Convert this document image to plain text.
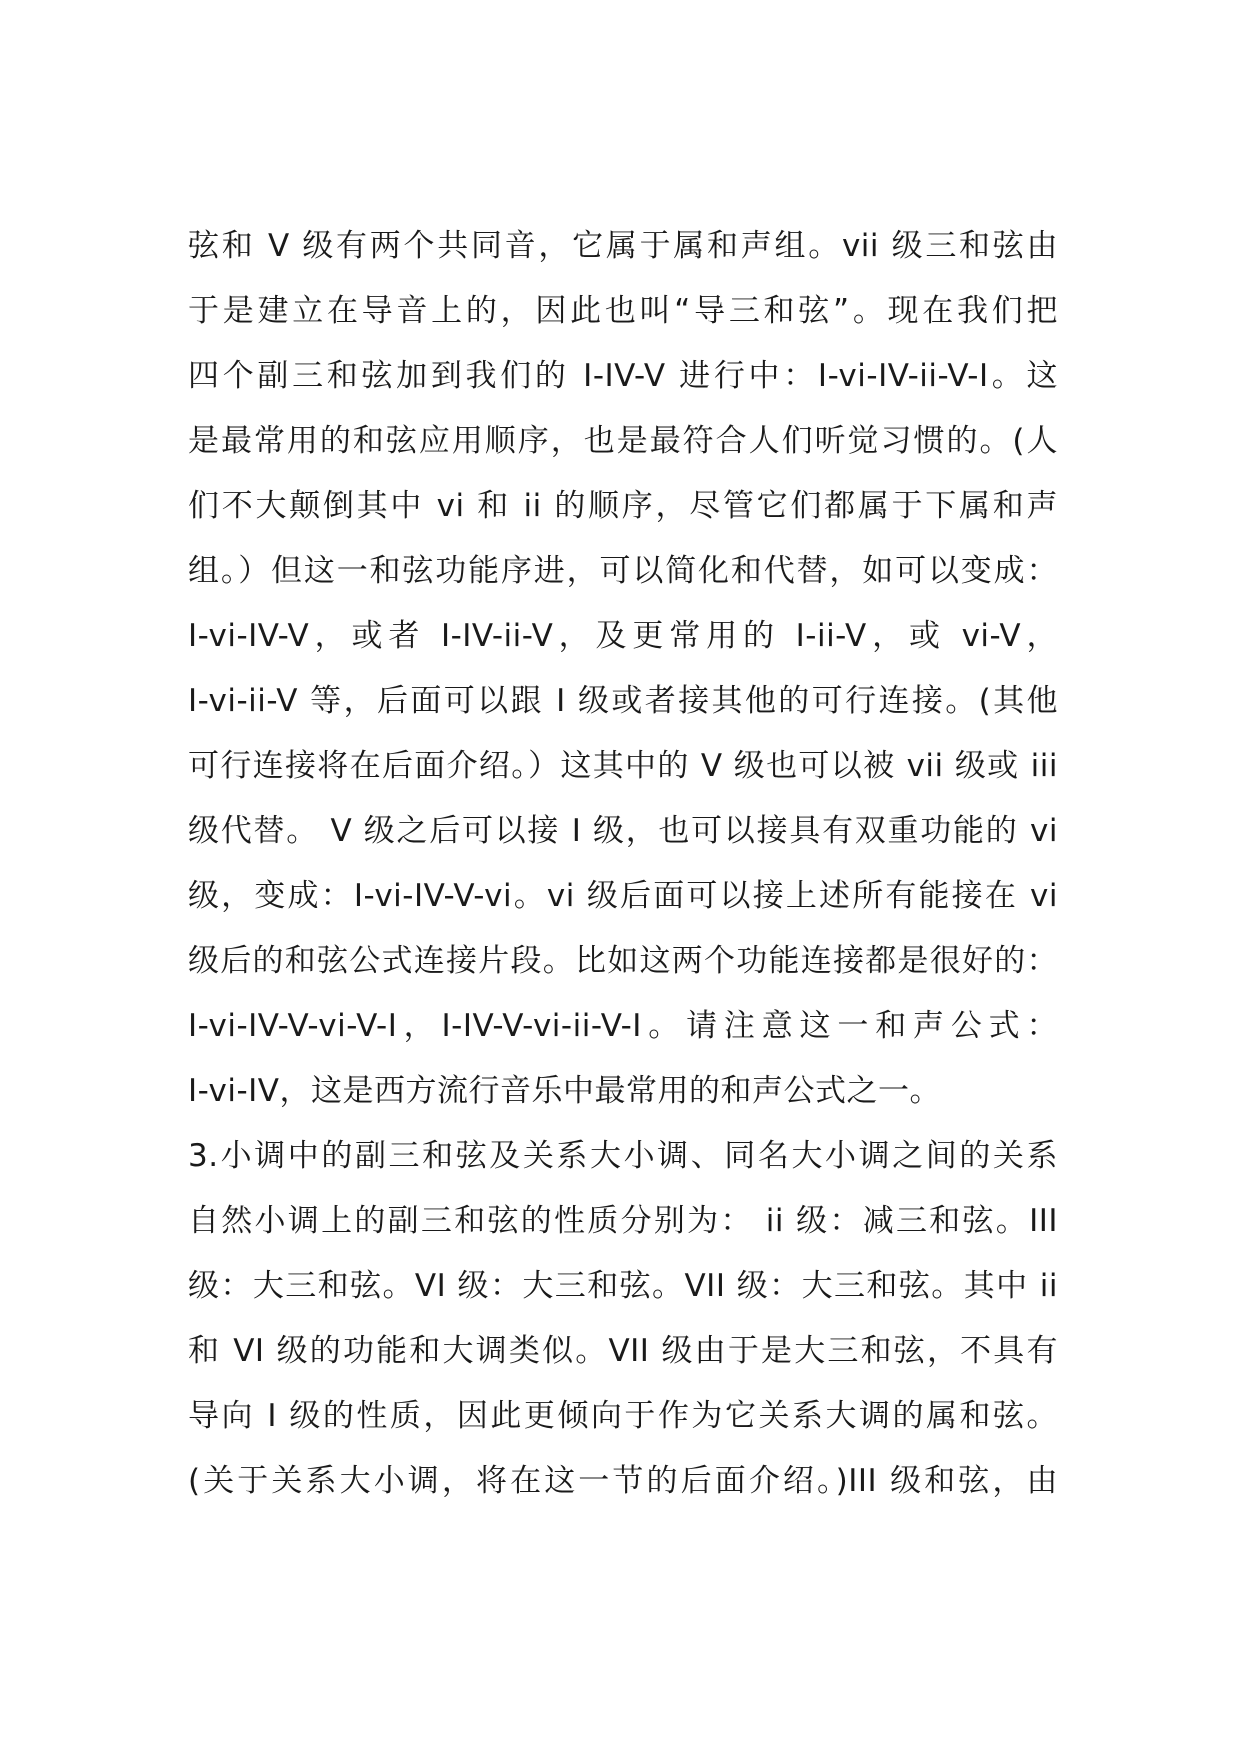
弦和 V 级有两个共同音，它属于属和声组。vii 级三和弦由
于是建立在导音上的，因此也叫“导三和弦”。现在我们把
四个副三和弦加到我们的 I-IV-V 进行中：I-vi-IV-ii-V-I。这
是最常用的和弦应用顺序，也是最符合人们听觉习惯的。(人
们不大颠倒其中 vi 和 ii 的顺序，尽管它们都属于下属和声
组。）但这一和弦功能序进，可以简化和代替，如可以变成：
I-vi-IV-V，或者 I-IV-ii-V，及更常用的 I-ii-V，或 vi-V，
I-vi-ii-V 等，后面可以跟 I 级或者接其他的可行连接。(其他
可行连接将在后面介绍。）这其中的 V 级也可以被 vii 级或 iii
级代替。 V 级之后可以接 I 级，也可以接具有双重功能的 vi
级，变成：I-vi-IV-V-vi。vi 级后面可以接上述所有能接在 vi
级后的和弦公式连接片段。比如这两个功能连接都是很好的：
I-vi-IV-V-vi-V-I，I-IV-V-vi-ii-V-I。请注意这一和声公式：
I-vi-IV，这是西方流行音乐中最常用的和声公式之一。
3.小调中的副三和弦及关系大小调、同名大小调之间的关系
自然小调上的副三和弦的性质分别为： ii 级：减三和弦。III
级：大三和弦。VI 级：大三和弦。VII 级：大三和弦。其中 ii
和 VI 级的功能和大调类似。VII 级由于是大三和弦，不具有
导向 I 级的性质，因此更倾向于作为它关系大调的属和弦。
(关于关系大小调，将在这一节的后面介绍。)III 级和弦，由
